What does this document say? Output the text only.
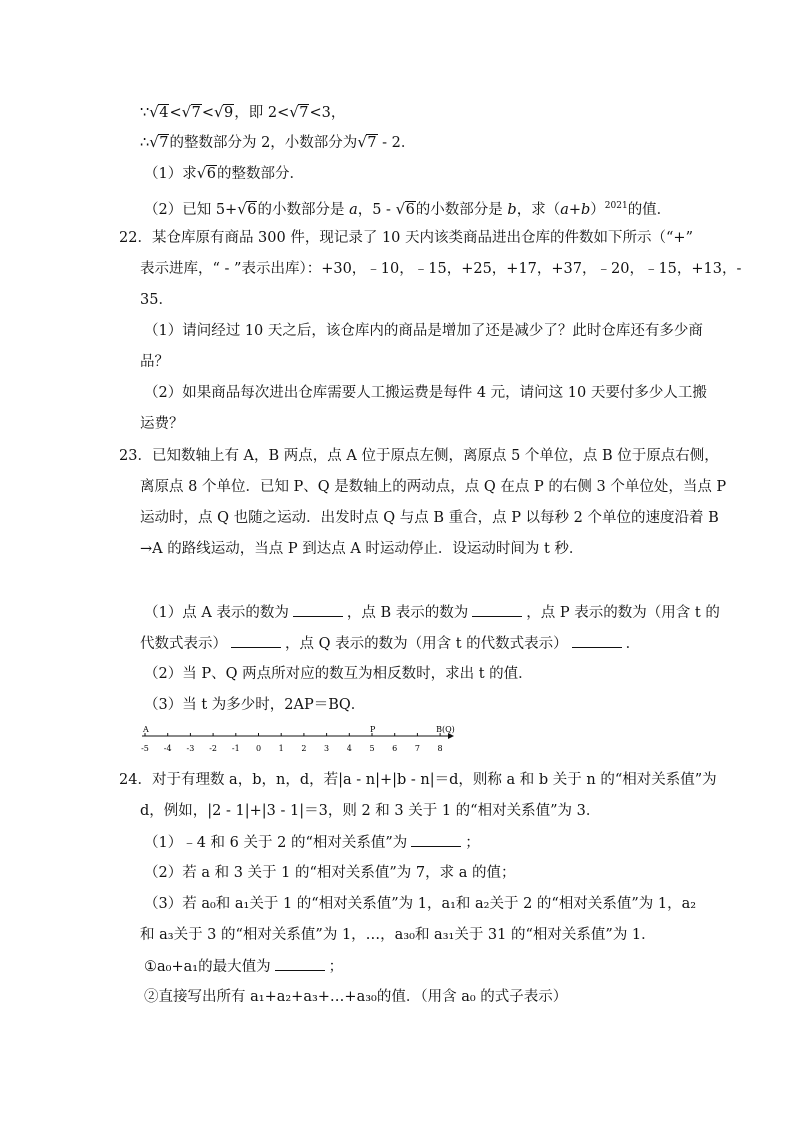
∵ √ 4< √ 7< √ 9，即 2< √ 7<3，
∴ √ 7的整数部分为 2，小数部分为 √ 7 - 2．
（1）求 √ 6的整数部分．
（2）已知 5+ √ 6的小数部分是 a，5 - √ 6的小数部分是 b，求$(a+b)^{2021}$的值．
22．某仓库原有商品 300 件，现记录了 10 天内该类商品进出仓库的件数如下所示（“+”
表示进库，“ - ”表示出库）：+30，﹣10，﹣15，+25，+17，+37，﹣20，﹣15，+13，-
35．
（1）请问经过 10 天之后，该仓库内的商品是增加了还是减少了？此时仓库还有多少商
品？
（2）如果商品每次进出仓库需要人工搬运费是每件 4 元，请问这 10 天要付多少人工搬
运费？
23．已知数轴上有 A，B 两点，点 A 位于原点左侧，离原点 5 个单位，点 B 位于原点右侧，
离原点 8 个单位．已知 P、Q 是数轴上的两动点，点 Q 在点 P 的右侧 3 个单位处，当点 P
运动时，点 Q 也随之运动．出发时点 Q 与点 B 重合，点 P 以每秒 2 个单位的速度沿着 B
→A 的路线运动，当点 P 到达点 A 时运动停止．设运动时间为 t 秒．
（1）点 A 表示的数为	，点 B 表示的数为	，点 P 表示的数为（用含 t 的
代数式表示）	，点 Q 表示的数为（用含 t 的代数式表示）	．
（2）当 P、Q 两点所对应的数互为相反数时，求出 t 的值．
（3）当 t 为多少时，2AP＝BQ．
-5 -4 -3 -2 -1 0 1 2 3 4 5 6 7 8
A	P	B(Q)
24．对于有理数 a，b，n，d，若|a - n|+|b - n|＝d，则称 a 和 b 关于 n 的“相对关系值”为
d，例如，|2 - 1|+|3 - 1|＝3，则 2 和 3 关于 1 的“相对关系值”为 3．
（1）﹣4 和 6 关于 2 的“相对关系值”为	；
（2）若 a 和 3 关于 1 的“相对关系值”为 7，求 a 的值；
（3）若 a₀和 a₁关于 1 的“相对关系值”为 1，a₁和 a₂关于 2 的“相对关系值”为 1，a₂
和 a₃关于 3 的“相对关系值”为 1，…，a₃₀和 a₃₁关于 31 的“相对关系值”为 1．
①a₀+a₁的最大值为	；
②直接写出所有 a₁+a₂+a₃+…+a₃₀的值．（用含 a₀ 的式子表示）
